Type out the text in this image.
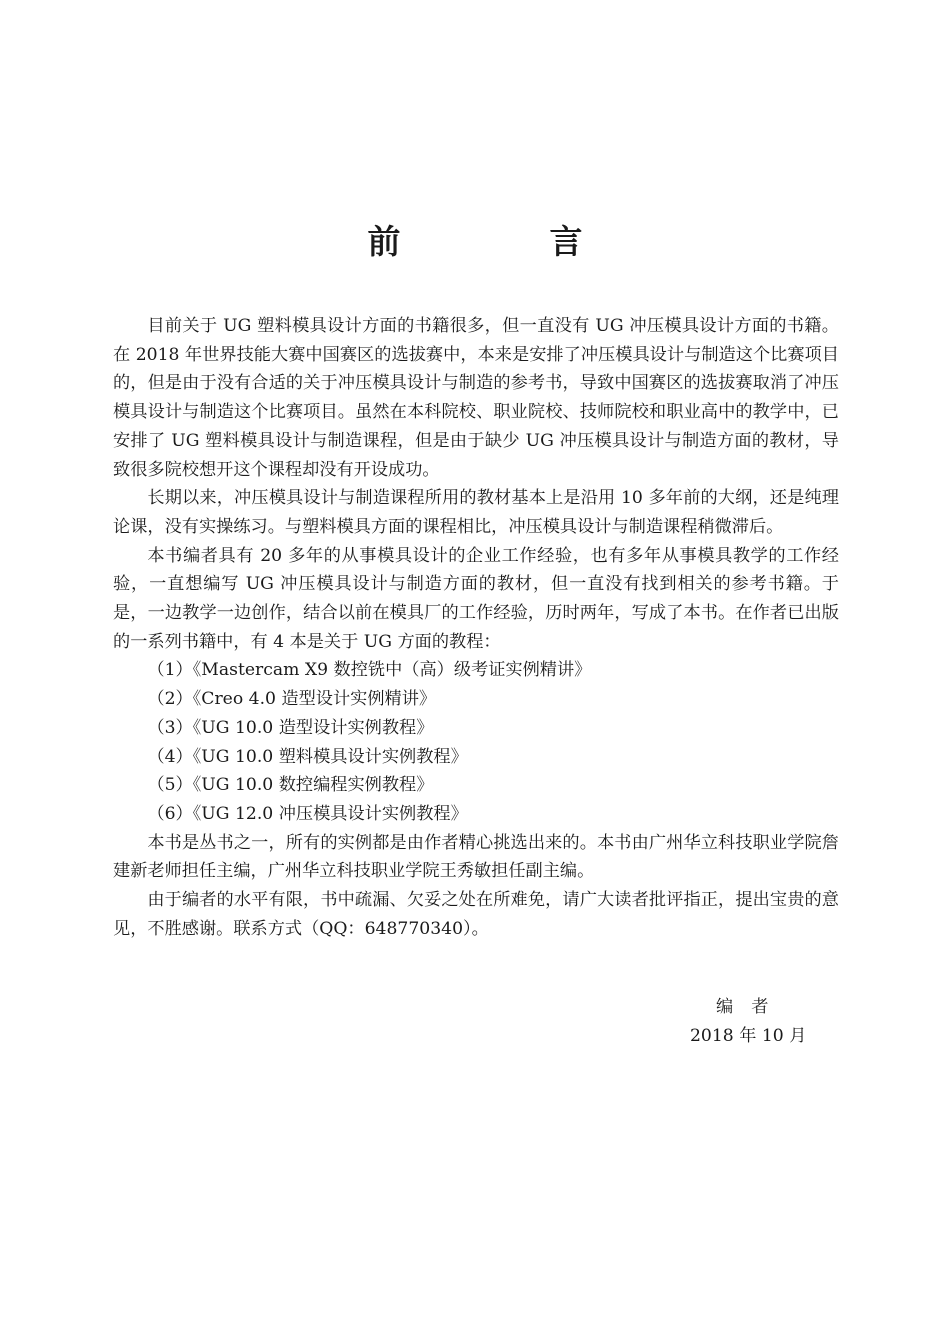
前　言

目前关于 UG 塑料模具设计方面的书籍很多，但一直没有 UG 冲压模具设计方面的书籍。在 2018 年世界技能大赛中国赛区的选拔赛中，本来是安排了冲压模具设计与制造这个比赛项目的，但是由于没有合适的关于冲压模具设计与制造的参考书，导致中国赛区的选拔赛取消了冲压模具设计与制造这个比赛项目。虽然在本科院校、职业院校、技师院校和职业高中的教学中，已安排了 UG 塑料模具设计与制造课程，但是由于缺少 UG 冲压模具设计与制造方面的教材，导致很多院校想开这个课程却没有开设成功。

长期以来，冲压模具设计与制造课程所用的教材基本上是沿用 10 多年前的大纲，还是纯理论课，没有实操练习。与塑料模具方面的课程相比，冲压模具设计与制造课程稍微滞后。

本书编者具有 20 多年的从事模具设计的企业工作经验，也有多年从事模具教学的工作经验，一直想编写 UG 冲压模具设计与制造方面的教材，但一直没有找到相关的参考书籍。于是，一边教学一边创作，结合以前在模具厂的工作经验，历时两年，写成了本书。在作者已出版的一系列书籍中，有 4 本是关于 UG 方面的教程：

（1）《Mastercam X9 数控铣中（高）级考证实例精讲》
（2）《Creo 4.0 造型设计实例精讲》
（3）《UG 10.0 造型设计实例教程》
（4）《UG 10.0 塑料模具设计实例教程》
（5）《UG 10.0 数控编程实例教程》
（6）《UG 12.0 冲压模具设计实例教程》

本书是丛书之一，所有的实例都是由作者精心挑选出来的。本书由广州华立科技职业学院詹建新老师担任主编，广州华立科技职业学院王秀敏担任副主编。

由于编者的水平有限，书中疏漏、欠妥之处在所难免，请广大读者批评指正，提出宝贵的意见，不胜感谢。联系方式（QQ：648770340）。

编者
2018 年 10 月
